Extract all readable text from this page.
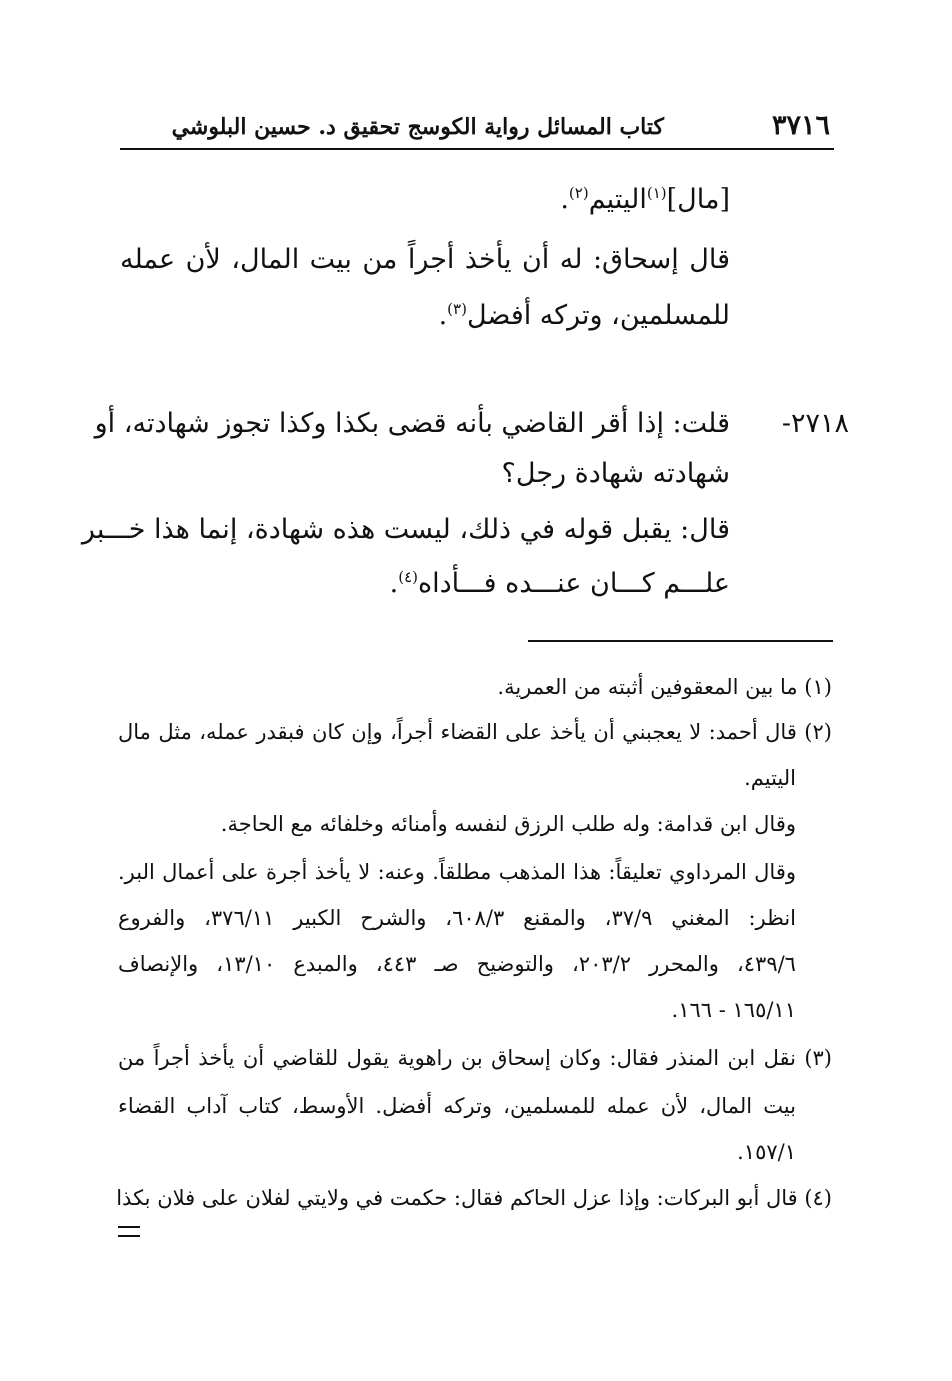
٣٧١٦
كتاب المسائل رواية الكوسج تحقيق د. حسين البلوشي
[مال]$^{(١)}$اليتيم$^{(٢)}$.
قال إسحاق: له أن يأخذ أجراً من بيت المال، لأن عمله
للمسلمين، وتركه أفضل$^{(٣)}$.
٢٧١٨-
قلت: إذا أقر القاضي بأنه قضى بكذا وكذا تجوز شهادته، أو
شهادته شهادة رجل؟
قال: يقبل قوله في ذلك، ليست هذه شهادة، إنما هذا خـــبر
علـــم كـــان عنـــده فـــأداه$^{(٤)}$.
(١) ما بين المعقوفين أثبته من العمرية.
(٢) قال أحمد: لا يعجبني أن يأخذ على القضاء أجراً، وإن كان فبقدر عمله، مثل مال
اليتيم.
وقال ابن قدامة: وله طلب الرزق لنفسه وأمنائه وخلفائه مع الحاجة.
وقال المرداوي تعليقاً: هذا المذهب مطلقاً. وعنه: لا يأخذ أجرة على أعمال البر.
انظر: المغني ٣٧/٩، والمقنع ٦٠٨/٣، والشرح الكبير ٣٧٦/١١، والفروع
٤٣٩/٦، والمحرر ٢٠٣/٢، والتوضيح صـ ٤٤٣، والمبدع ١٣/١٠، والإنصاف
١٦٥/١١ - ١٦٦.
(٣) نقل ابن المنذر فقال: وكان إسحاق بن راهوية يقول للقاضي أن يأخذ أجراً من
بيت المال، لأن عمله للمسلمين، وتركه أفضل. الأوسط، كتاب آداب القضاء
١٥٧/١.
(٤) قال أبو البركات: وإذا عزل الحاكم فقال: حكمت في ولايتي لفلان على فلان بكذا
